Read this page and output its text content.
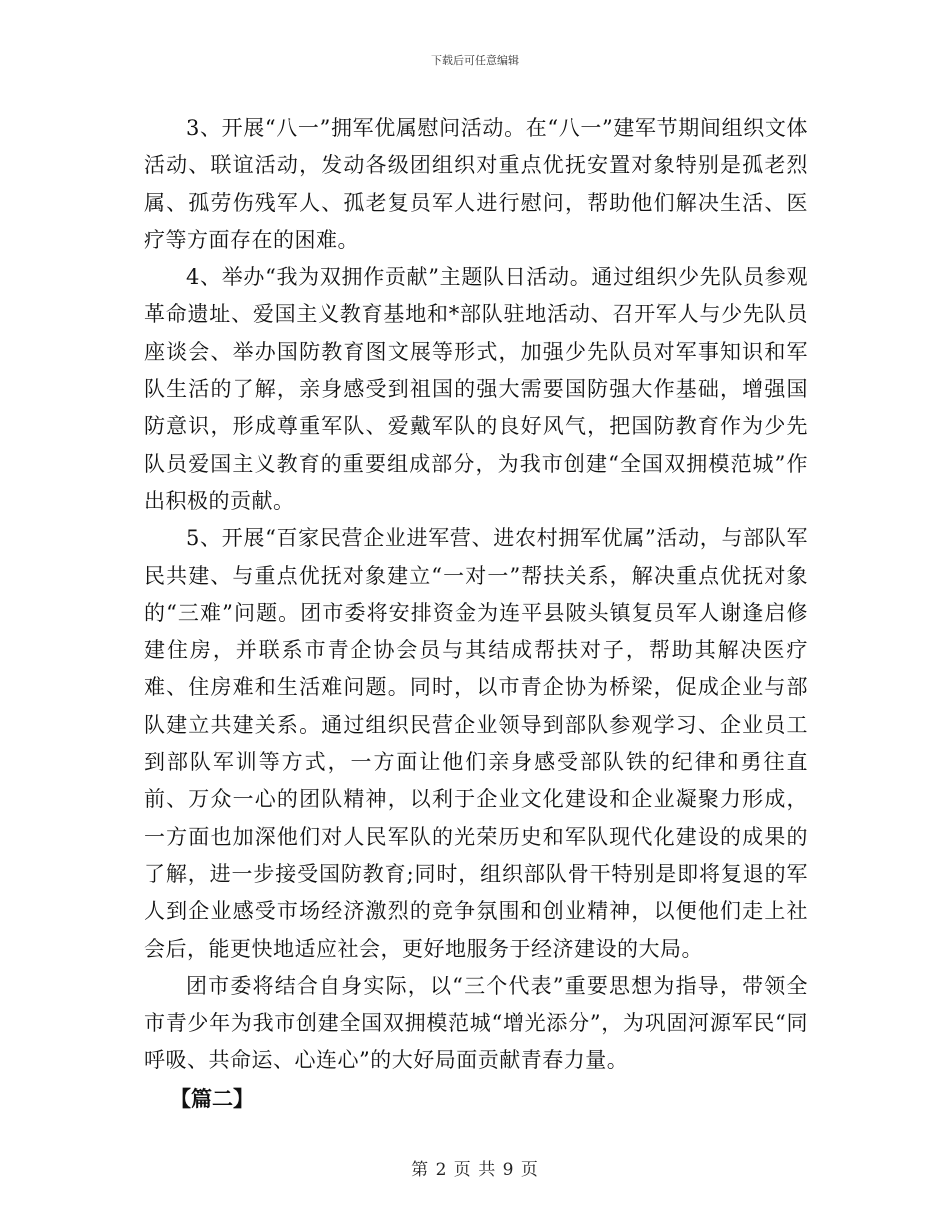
下载后可任意编辑

3、开展“八一”拥军优属慰问活动。在“八一”建军节期间组织文体活动、联谊活动，发动各级团组织对重点优抚安置对象特别是孤老烈属、孤劳伤残军人、孤老复员军人进行慰问，帮助他们解决生活、医疗等方面存在的困难。

4、举办“我为双拥作贡献”主题队日活动。通过组织少先队员参观革命遗址、爱国主义教育基地和*部队驻地活动、召开军人与少先队员座谈会、举办国防教育图文展等形式，加强少先队员对军事知识和军队生活的了解，亲身感受到祖国的强大需要国防强大作基础，增强国防意识，形成尊重军队、爱戴军队的良好风气，把国防教育作为少先队员爱国主义教育的重要组成部分，为我市创建“全国双拥模范城”作出积极的贡献。

5、开展“百家民营企业进军营、进农村拥军优属”活动，与部队军民共建、与重点优抚对象建立“一对一”帮扶关系，解决重点优抚对象的“三难”问题。团市委将安排资金为连平县陂头镇复员军人谢逢启修建住房，并联系市青企协会员与其结成帮扶对子，帮助其解决医疗难、住房难和生活难问题。同时，以市青企协为桥梁，促成企业与部队建立共建关系。通过组织民营企业领导到部队参观学习、企业员工到部队军训等方式，一方面让他们亲身感受部队铁的纪律和勇往直前、万众一心的团队精神，以利于企业文化建设和企业凝聚力形成，一方面也加深他们对人民军队的光荣历史和军队现代化建设的成果的了解，进一步接受国防教育;同时，组织部队骨干特别是即将复退的军人到企业感受市场经济激烈的竞争氛围和创业精神，以便他们走上社会后，能更快地适应社会，更好地服务于经济建设的大局。

团市委将结合自身实际，以“三个代表”重要思想为指导，带领全市青少年为我市创建全国双拥模范城“增光添分”，为巩固河源军民“同呼吸、共命运、心连心”的大好局面贡献青春力量。

【篇二】

第 2 页 共 9 页
